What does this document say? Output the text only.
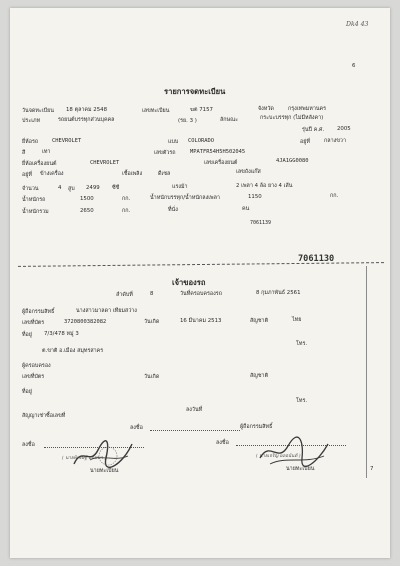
Dk4 43
6
รายการจดทะเบียน
วันจดทะเบียน 18 ตุลาคม 2548	เลขทะเบียน	ฆต 7157	จังหวัด	กรุงเทพมหานคร
ประเภท	รถยนต์บรรทุกส่วนบุคคล	(รย. 3 )	ลักษณะ	กระบะบรรทุก (ไม่มีหลังคา)
รุ่นปี ค.ศ. 2005
ยี่ห้อรถ	CHEVROLET	แบบ COLORADO	อยู่ที่	กลางขวา
สี	เทา	เลขตัวรถ	MPATFR54H5H502045
ยี่ห้อเครื่องยนต์	CHEVROLET	เลขเครื่องยนต์	4JA1GG0080
อยู่ที่ ข้างเครื่อง	เชื้อเพลิง	ดีเซล	เลขถังแก๊ส
จำนวน	4 สูบ 2499 ซีซี	แรงม้า	2 เพลา 4 ล้อ ยาง 4 เส้น
น้ำหนักรถ	1500	กก.	น้ำหนักบรรทุก/น้ำหนักลงเพลา	1150	กก.
น้ำหนักรวม	2650	กก.	ที่นั่ง	คน
7061139
7061130
เจ้าของรถ
ลำดับที่	8	วันที่ครอบครองรถ	8 กุมภาพันธ์ 2561
ผู้ถือกรรมสิทธิ์	นางสาวมาลดา เทียมสว่าง
เลขที่บัตร	3720800382082	วันเกิด	16 มีนาคม 2513	สัญชาติ	ไทย
ที่อยู่ 7/3/478 หมู่ 3
โทร.
ต.ขาติ อ.เมือง สมุทรสาคร
ผู้ครอบครอง
เลขที่บัตร	วันเกิด	สัญชาติ
ที่อยู่
โทร.
สัญญาเช่าซื้อเลขที่
ลงวันที่
ลงชื่อ	ผู้ถือกรรมสิทธิ์
ลงชื่อ
( นายพิเชษฐ์ อดทนา )
นายทะเบียน
ลงชื่อ
( นายเจริญ ผลอนันต์ )
นายทะเบียน	7
